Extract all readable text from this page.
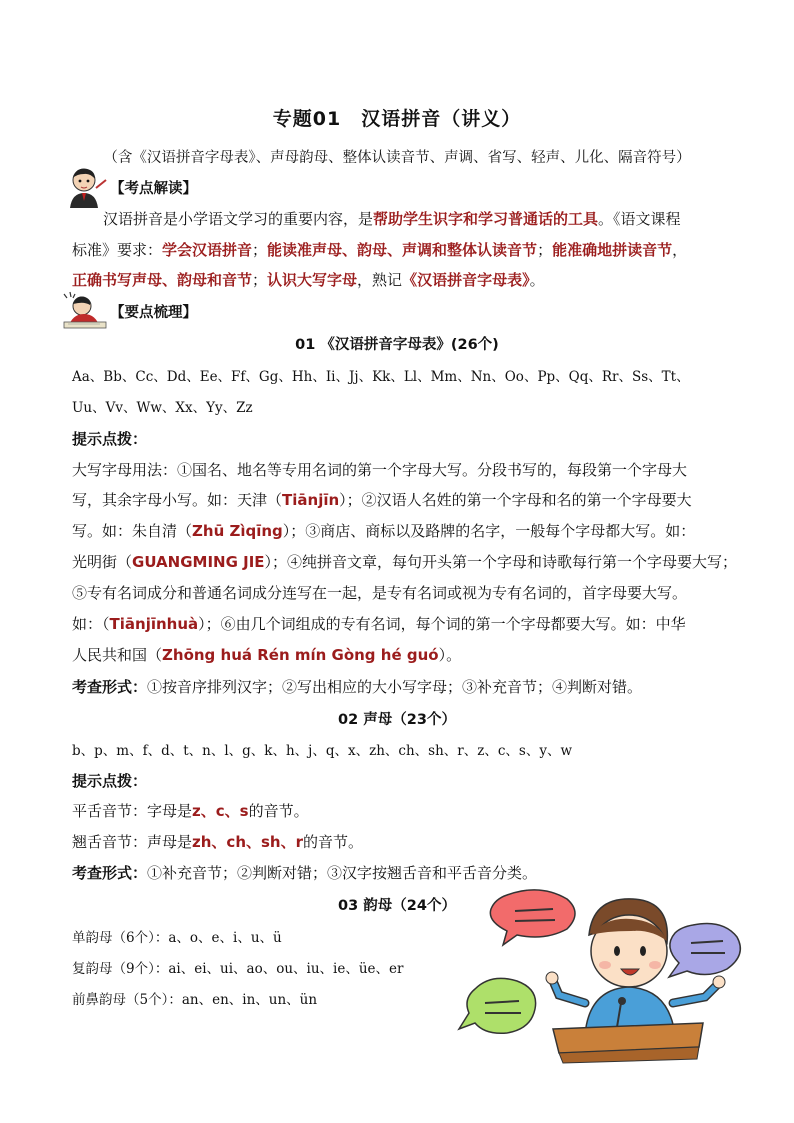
专题01　汉语拼音（讲义）
（含《汉语拼音字母表》、声母韵母、整体认读音节、声调、省写、轻声、儿化、隔音符号）
【考点解读】
汉语拼音是小学语文学习的重要内容，是帮助学生识字和学习普通话的工具。《语文课程
标准》要求：学会汉语拼音；能读准声母、韵母、声调和整体认读音节；能准确地拼读音节，
正确书写声母、韵母和音节；认识大写字母，熟记《汉语拼音字母表》。
【要点梳理】
01 《汉语拼音字母表》(26个)
Aa、Bb、Cc、Dd、Ee、Ff、Gg、Hh、Ii、Jj、Kk、Ll、Mm、Nn、Oo、Pp、Qq、Rr、Ss、Tt、
Uu、Vv、Ww、Xx、Yy、Zz
提示点拨：
大写字母用法：①国名、地名等专用名词的第一个字母大写。分段书写的，每段第一个字母大
写，其余字母小写。如：天津（Tiānjīn）；②汉语人名姓的第一个字母和名的第一个字母要大
写。如：朱自清（Zhū Zìqīng）；③商店、商标以及路牌的名字，一般每个字母都大写。如：
光明街（GUANGMING JIE）；④纯拼音文章，每句开头第一个字母和诗歌每行第一个字母要大写；
⑤专有名词成分和普通名词成分连写在一起，是专有名词或视为专有名词的，首字母要大写。
如：（Tiānjīnhuà）；⑥由几个词组成的专有名词，每个词的第一个字母都要大写。如：中华
人民共和国（Zhōng huá Rén mín Gòng hé guó）。
考查形式：①按音序排列汉字；②写出相应的大小写字母；③补充音节；④判断对错。
02 声母（23个）
b、p、m、f、d、t、n、l、g、k、h、j、q、x、zh、ch、sh、r、z、c、s、y、w
提示点拨：
平舌音节：字母是z、c、s的音节。
翘舌音节：声母是zh、ch、sh、r的音节。
考查形式：①补充音节；②判断对错；③汉字按翘舌音和平舌音分类。
03 韵母（24个）
单韵母（6个）：a、o、e、i、u、ü
复韵母（9个）：ai、ei、ui、ao、ou、iu、ie、üe、er
前鼻韵母（5个）：an、en、in、un、ün
